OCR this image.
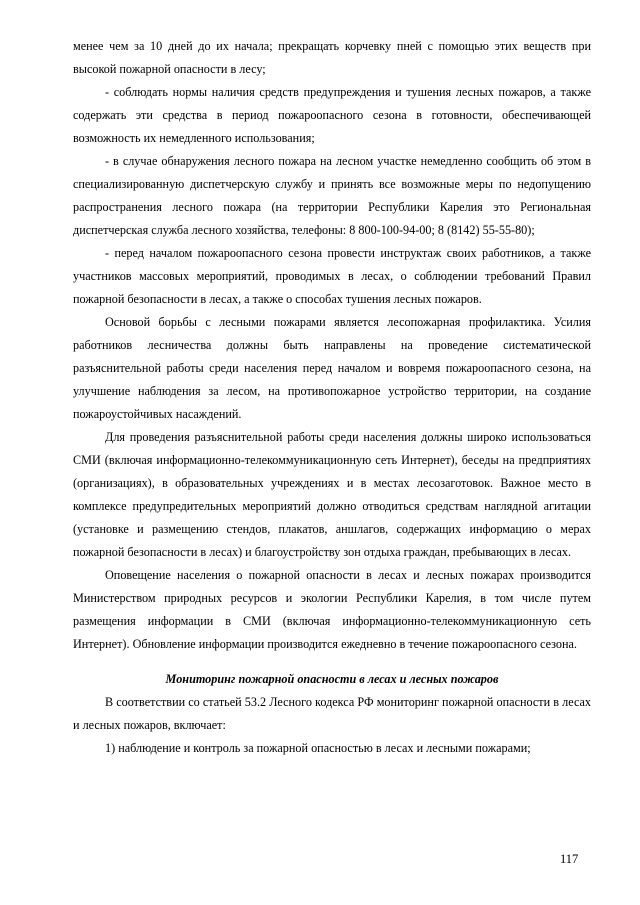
менее чем за 10 дней до их начала; прекращать корчевку пней с помощью этих веществ при высокой пожарной опасности в лесу;

- соблюдать нормы наличия средств предупреждения и тушения лесных пожаров, а также содержать эти средства в период пожароопасного сезона в готовности, обеспечивающей возможность их немедленного использования;

- в случае обнаружения лесного пожара на лесном участке немедленно сообщить об этом в специализированную диспетчерскую службу и принять все возможные меры по недопущению распространения лесного пожара (на территории Республики Карелия это Региональная диспетчерская служба лесного хозяйства, телефоны: 8 800-100-94-00; 8 (8142) 55-55-80);

- перед началом пожароопасного сезона провести инструктаж своих работников, а также участников массовых мероприятий, проводимых в лесах, о соблюдении требований Правил пожарной безопасности в лесах, а также о способах тушения лесных пожаров.

Основой борьбы с лесными пожарами является лесопожарная профилактика. Усилия работников лесничества должны быть направлены на проведение систематической разъяснительной работы среди населения перед началом и вовремя пожароопасного сезона, на улучшение наблюдения за лесом, на противопожарное устройство территории, на создание пожароустойчивых насаждений.

Для проведения разъяснительной работы среди населения должны широко использоваться СМИ (включая информационно-телекоммуникационную сеть Интернет), беседы на предприятиях (организациях), в образовательных учреждениях и в местах лесозаготовок. Важное место в комплексе предупредительных мероприятий должно отводиться средствам наглядной агитации (установке и размещению стендов, плакатов, аншлагов, содержащих информацию о мерах пожарной безопасности в лесах) и благоустройству зон отдыха граждан, пребывающих в лесах.

Оповещение населения о пожарной опасности в лесах и лесных пожарах производится Министерством природных ресурсов и экологии Республики Карелия, в том числе путем размещения информации в СМИ (включая информационно-телекоммуникационную сеть Интернет). Обновление информации производится ежедневно в течение пожароопасного сезона.

Мониторинг пожарной опасности в лесах и лесных пожаров

В соответствии со статьей 53.2 Лесного кодекса РФ мониторинг пожарной опасности в лесах и лесных пожаров, включает:

1) наблюдение и контроль за пожарной опасностью в лесах и лесными пожарами;

117
